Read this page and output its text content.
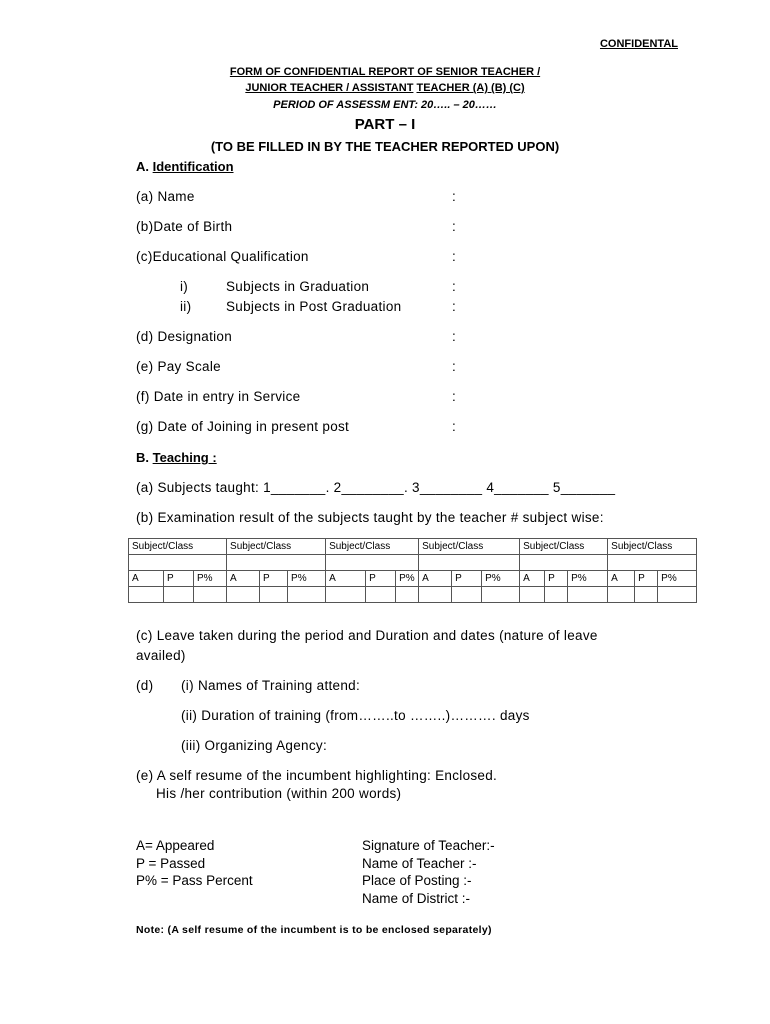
CONFIDENTAL
FORM OF CONFIDENTIAL REPORT OF SENIOR TEACHER /
JUNIOR TEACHER / ASSISTANT TEACHER (A) (B) (C)
PERIOD OF ASSESSM ENT: 20….. – 20……
PART – I
(TO BE FILLED IN BY THE TEACHER REPORTED UPON)
A. Identification
(a) Name	:
(b)Date of Birth	:
(c)Educational Qualification	:
i)	Subjects in Graduation	:
ii)	Subjects in Post Graduation	:
(d) Designation	:
(e) Pay Scale	:
(f) Date in entry in Service	:
(g) Date of Joining in present post	:
B. Teaching :
(a) Subjects taught: 1_______. 2________. 3________ 4_______ 5_______
(b) Examination result of the subjects taught by the teacher # subject wise:
Subject/Class			Subject/Class			Subject/Class			Subject/Class			Subject/Class			Subject/Class		

A	P	P%	A	P	P%	A	P	P%	A	P	P%	A	P	P%	A	P	P%

(c) Leave taken during the period and Duration and dates (nature of leave
availed)
(d) (i) Names of Training attend:
(ii) Duration of training (from……..to ……..)………. days
(iii) Organizing Agency:
(e) A self resume of the incumbent highlighting: Enclosed.
His /her contribution (within 200 words)
A= Appeared
P = Passed
P% = Pass Percent
Signature of Teacher:-
Name of Teacher :-
Place of Posting :-
Name of District :-
Note: (A self resume of the incumbent is to be enclosed separately)
